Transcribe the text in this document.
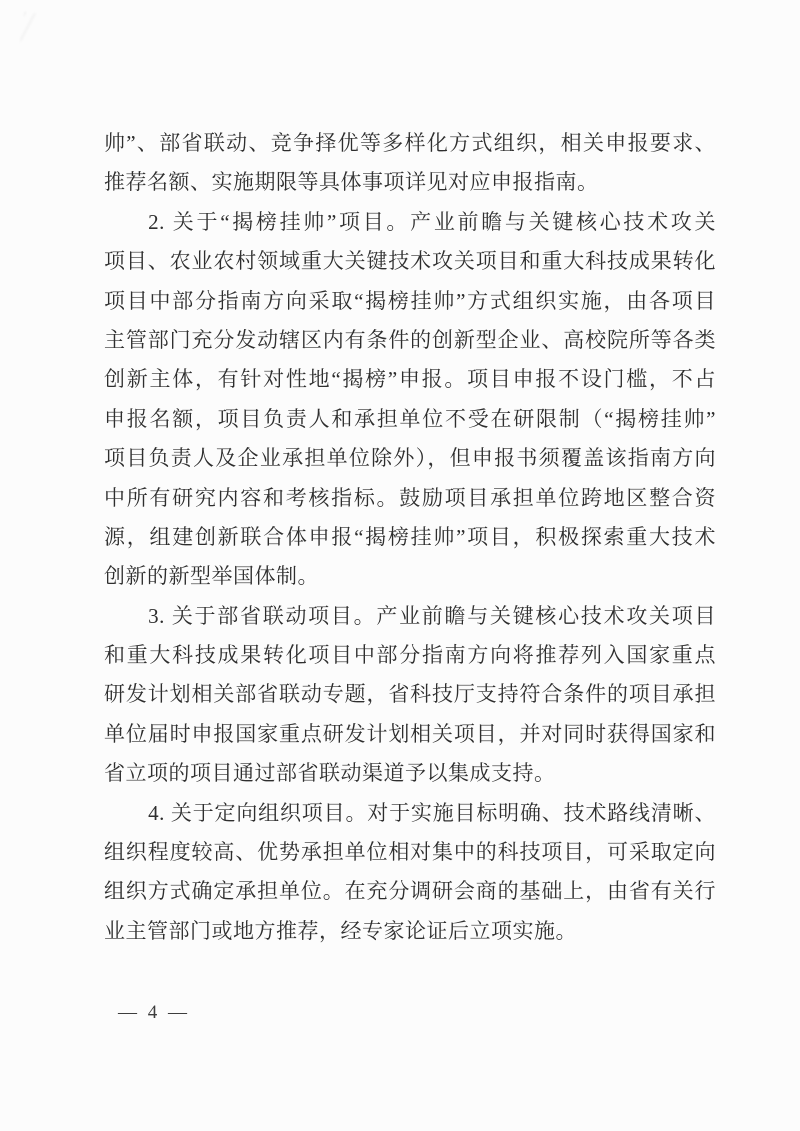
帅”、部省联动、竞争择优等多样化方式组织，相关申报要求、
推荐名额、实施期限等具体事项详见对应申报指南。
2. 关于“揭榜挂帅”项目。产业前瞻与关键核心技术攻关
项目、农业农村领域重大关键技术攻关项目和重大科技成果转化
项目中部分指南方向采取“揭榜挂帅”方式组织实施，由各项目
主管部门充分发动辖区内有条件的创新型企业、高校院所等各类
创新主体，有针对性地“揭榜”申报。项目申报不设门槛，不占
申报名额，项目负责人和承担单位不受在研限制（“揭榜挂帅”
项目负责人及企业承担单位除外），但申报书须覆盖该指南方向
中所有研究内容和考核指标。鼓励项目承担单位跨地区整合资
源，组建创新联合体申报“揭榜挂帅”项目，积极探索重大技术
创新的新型举国体制。
3. 关于部省联动项目。产业前瞻与关键核心技术攻关项目
和重大科技成果转化项目中部分指南方向将推荐列入国家重点
研发计划相关部省联动专题，省科技厅支持符合条件的项目承担
单位届时申报国家重点研发计划相关项目，并对同时获得国家和
省立项的项目通过部省联动渠道予以集成支持。
4. 关于定向组织项目。对于实施目标明确、技术路线清晰、
组织程度较高、优势承担单位相对集中的科技项目，可采取定向
组织方式确定承担单位。在充分调研会商的基础上，由省有关行
业主管部门或地方推荐，经专家论证后立项实施。
— 4 —
